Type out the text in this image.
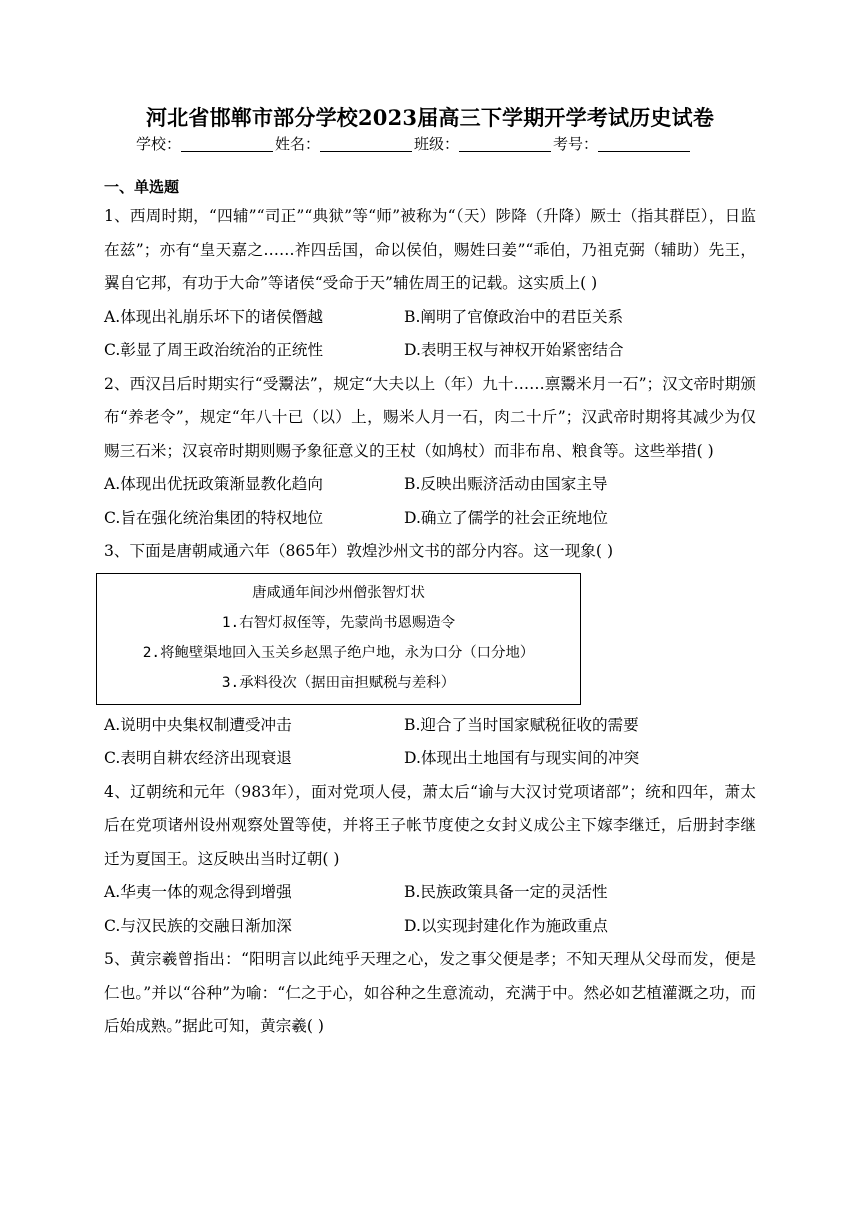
河北省邯郸市部分学校2023届高三下学期开学考试历史试卷
学校：	姓名：	班级：	考号：
一、单选题

1、西周时期，“四辅”“司正”“典狱”等“师”被称为“（天）陟降（升降）厥士（指其群臣），日监在兹”；亦有“皇天嘉之……祚四岳国，命以侯伯，赐姓曰姜”“乖伯，乃祖克弼（辅助）先王，翼自它邦，有功于大命”等诸侯“受命于天”辅佐周王的记载。这实质上( )

A.体现出礼崩乐坏下的诸侯僭越	B.阐明了官僚政治中的君臣关系
C.彰显了周王政治统治的正统性	D.表明王权与神权开始紧密结合

2、西汉吕后时期实行“受鬻法”，规定“大夫以上（年）九十……禀鬻米月一石”；汉文帝时期颁布“养老令”，规定“年八十已（以）上，赐米人月一石，肉二十斤”；汉武帝时期将其减少为仅赐三石米；汉哀帝时期则赐予象征意义的王杖（如鸠杖）而非布帛、粮食等。这些举措( )

A.体现出优抚政策渐显教化趋向	B.反映出赈济活动由国家主导
C.旨在强化统治集团的特权地位	D.确立了儒学的社会正统地位

3、下面是唐朝咸通六年（865年）敦煌沙州文书的部分内容。这一现象( )

唐咸通年间沙州僧张智灯状
1.右智灯叔侄等，先蒙尚书恩赐造令
2.将鲍壁渠地回入玉关乡赵黑子绝户地，永为口分（口分地）
3.承料役次（据田亩担赋税与差科）
A.说明中央集权制遭受冲击	B.迎合了当时国家赋税征收的需要
C.表明自耕农经济出现衰退	D.体现出土地国有与现实间的冲突

4、辽朝统和元年（983年），面对党项人侵，萧太后“谕与大汉讨党项诸部”；统和四年，萧太后在党项诸州设州观察处置等使，并将王子帐节度使之女封义成公主下嫁李继迁，后册封李继迁为夏国王。这反映出当时辽朝( )

A.华夷一体的观念得到增强	B.民族政策具备一定的灵活性
C.与汉民族的交融日渐加深	D.以实现封建化作为施政重点

5、黄宗羲曾指出：“阳明言以此纯乎天理之心，发之事父便是孝；不知天理从父母而发，便是仁也。”并以“谷种”为喻：“仁之于心，如谷种之生意流动，充满于中。然必如艺植灌溉之功，而后始成熟。”据此可知，黄宗羲( )
